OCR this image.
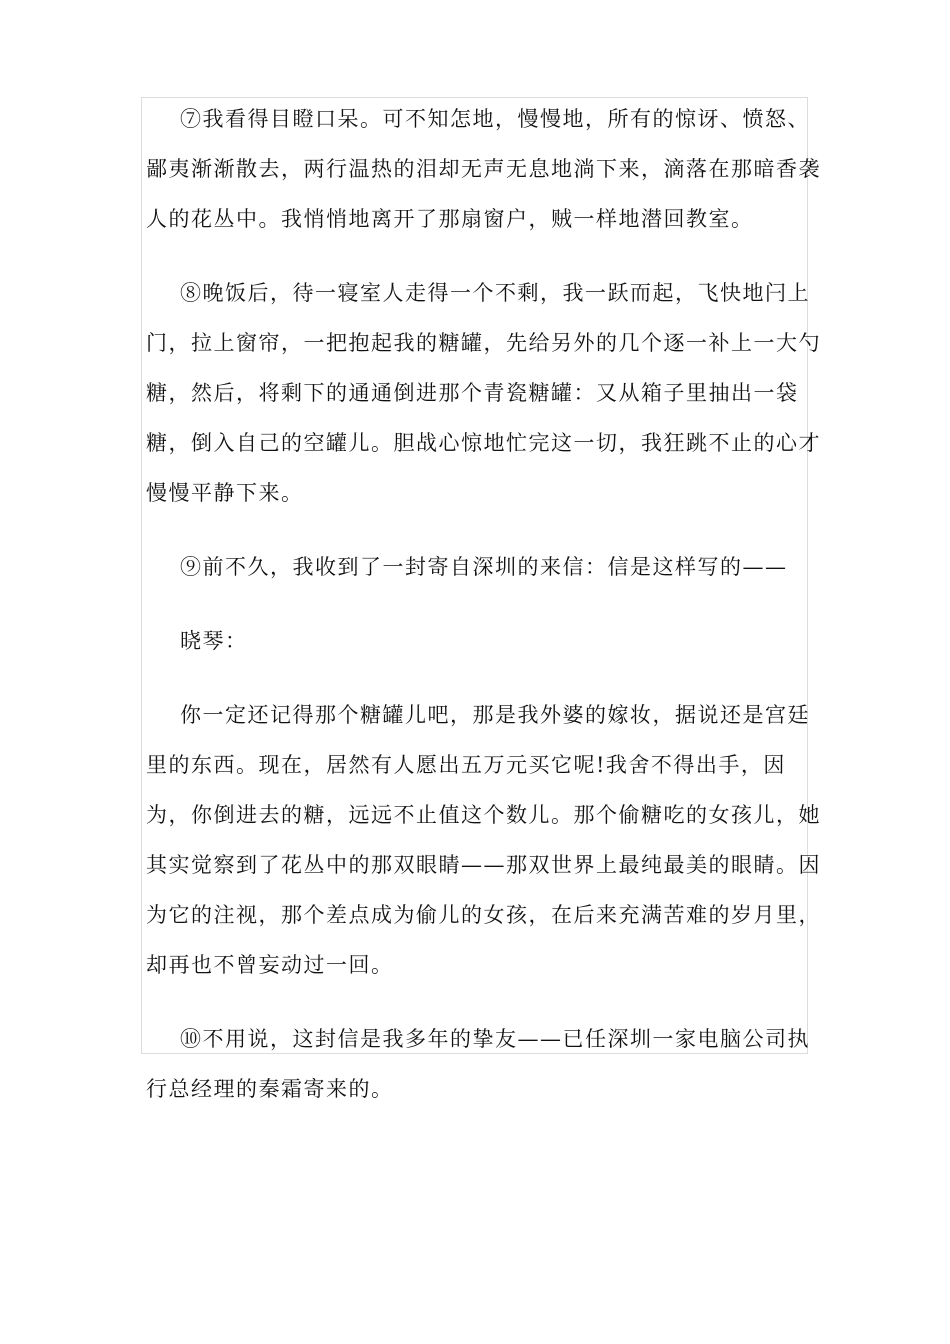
⑦我看得目瞪口呆。可不知怎地，慢慢地，所有的惊讶、愤怒、鄙夷渐渐散去，两行温热的泪却无声无息地淌下来，滴落在那暗香袭人的花丛中。我悄悄地离开了那扇窗户，贼一样地潜回教室。

⑧晚饭后，待一寝室人走得一个不剩，我一跃而起，飞快地闩上门，拉上窗帘，一把抱起我的糖罐，先给另外的几个逐一补上一大勺糖，然后，将剩下的通通倒进那个青瓷糖罐：又从箱子里抽出一袋糖，倒入自己的空罐儿。胆战心惊地忙完这一切，我狂跳不止的心才慢慢平静下来。

⑨前不久，我收到了一封寄自深圳的来信：信是这样写的——

晓琴：

你一定还记得那个糖罐儿吧，那是我外婆的嫁妆，据说还是宫廷里的东西。现在，居然有人愿出五万元买它呢!我舍不得出手，因为，你倒进去的糖，远远不止值这个数儿。那个偷糖吃的女孩儿，她其实觉察到了花丛中的那双眼睛——那双世界上最纯最美的眼睛。因为它的注视，那个差点成为偷儿的女孩，在后来充满苦难的岁月里，却再也不曾妄动过一回。

⑩不用说，这封信是我多年的挚友——已任深圳一家电脑公司执行总经理的秦霜寄来的。
